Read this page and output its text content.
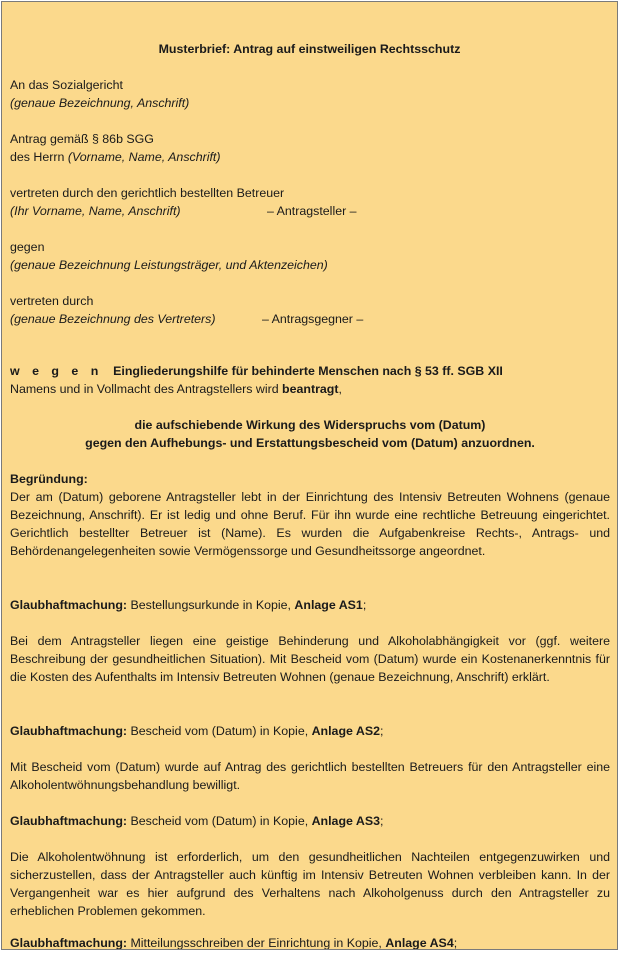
Musterbrief: Antrag auf einstweiligen Rechtsschutz
An das Sozialgericht
(genaue Bezeichnung, Anschrift)
Antrag gemäß § 86b SGG
des Herrn (Vorname, Name, Anschrift)
vertreten durch den gerichtlich bestellten Betreuer
(Ihr Vorname, Name, Anschrift)	– Antragsteller –
gegen
(genaue Bezeichnung Leistungsträger, und Aktenzeichen)
vertreten durch
(genaue Bezeichnung des Vertreters)	– Antragsgegner –
w e g e n Eingliederungshilfe für behinderte Menschen nach § 53 ff. SGB XII
Namens und in Vollmacht des Antragstellers wird beantragt,
die aufschiebende Wirkung des Widerspruchs vom (Datum)
gegen den Aufhebungs- und Erstattungsbescheid vom (Datum) anzuordnen.
Begründung:
Der am (Datum) geborene Antragsteller lebt in der Einrichtung des Intensiv Betreuten Wohnens (genaue Bezeichnung, Anschrift). Er ist ledig und ohne Beruf. Für ihn wurde eine rechtliche Betreuung eingerichtet. Gerichtlich bestellter Betreuer ist (Name). Es wurden die Aufgabenkreise Rechts-, Antrags- und Behördenangelegenheiten sowie Vermögenssorge und Gesundheitssorge angeordnet.
Glaubhaftmachung: Bestellungsurkunde in Kopie, Anlage AS1;
Bei dem Antragsteller liegen eine geistige Behinderung und Alkoholabhängigkeit vor (ggf. weitere Beschreibung der gesundheitlichen Situation). Mit Bescheid vom (Datum) wurde ein Kostenanerkenntnis für die Kosten des Aufenthalts im Intensiv Betreuten Wohnen (genaue Bezeichnung, Anschrift) erklärt.
Glaubhaftmachung: Bescheid vom (Datum) in Kopie, Anlage AS2;
Mit Bescheid vom (Datum) wurde auf Antrag des gerichtlich bestellten Betreuers für den Antragsteller eine Alkoholentwöhnungsbehandlung bewilligt.
Glaubhaftmachung: Bescheid vom (Datum) in Kopie, Anlage AS3;
Die Alkoholentwöhnung ist erforderlich, um den gesundheitlichen Nachteilen entgegenzuwirken und sicherzustellen, dass der Antragsteller auch künftig im Intensiv Betreuten Wohnen verbleiben kann. In der Vergangenheit war es hier aufgrund des Verhaltens nach Alkoholgenuss durch den Antragsteller zu erheblichen Problemen gekommen.
Glaubhaftmachung: Mitteilungsschreiben der Einrichtung in Kopie, Anlage AS4;
